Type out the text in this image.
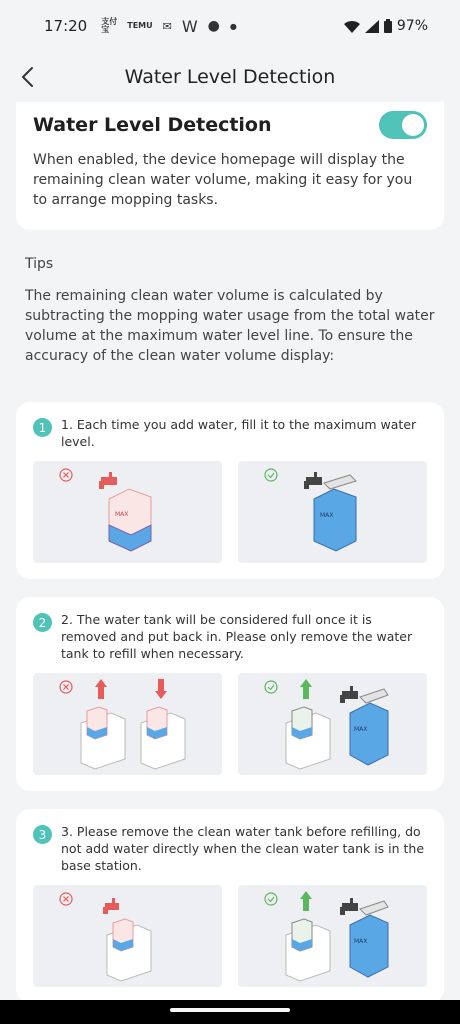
17:20 支付
宝	TEMU ✉ W ● ●	97%
Water Level Detection
Water Level Detection
When enabled, the device homepage will display the remaining clean water volume, making it easy for you to arrange mopping tasks.
Tips
The remaining clean water volume is calculated by subtracting the mopping water usage from the total water volume at the maximum water level line. To ensure the accuracy of the clean water volume display:
1	1. Each time you add water, fill it to the maximum water level.
MAX	MAX
2	2. The water tank will be considered full once it is removed and put back in. Please only remove the water tank to refill when necessary.
MAX
3	3. Please remove the clean water tank before refilling, do not add water directly when the clean water tank is in the base station.
MAX
